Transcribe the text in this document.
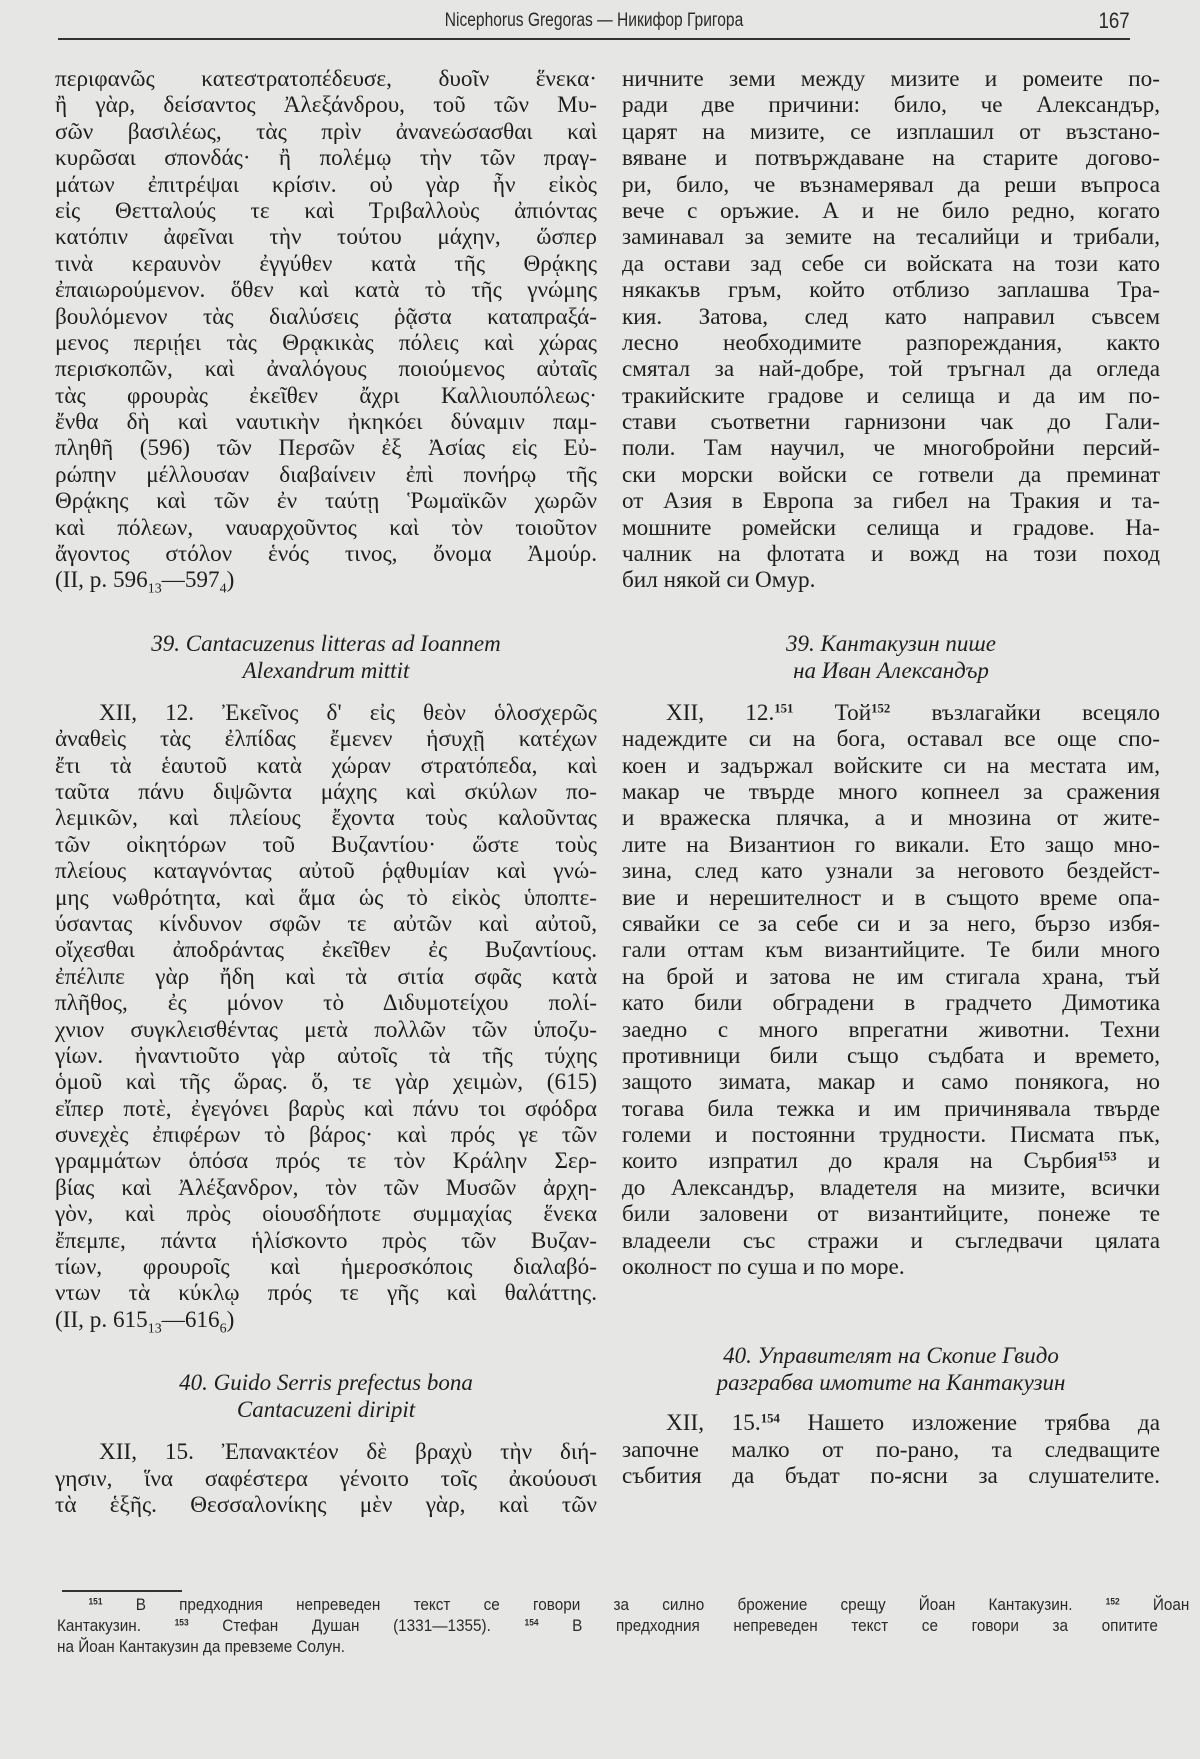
Nicephorus Gregoras — Никифор Григора	167
περιφανῶς κατεστρατοπέδευσε, δυοῖν ἕνεκα·
ἢ γὰρ, δείσαντος Ἀλεξάνδρου, τοῦ τῶν Μυ-
σῶν βασιλέως, τὰς πρὶν ἀνανεώσασθαι καὶ
κυρῶσαι σπονδάς· ἢ πολέμῳ τὴν τῶν πραγ-
μάτων ἐπιτρέψαι κρίσιν. οὐ γὰρ ἦν εἰκὸς
εἰς Θετταλούς τε καὶ Τριβαλλοὺς ἀπιόντας
κατόπιν ἀφεῖναι τὴν τούτου μάχην, ὥσπερ
τινὰ κεραυνὸν ἐγγύθεν κατὰ τῆς Θρᾴκης
ἐπαιωρούμενον. ὅθεν καὶ κατὰ τὸ τῆς γνώμης
βουλόμενον τὰς διαλύσεις ῥᾷστα καταπραξά-
μενος περιῄει τὰς Θρᾳκικὰς πόλεις καὶ χώρας
περισκοπῶν, καὶ ἀναλόγους ποιούμενος αὐταῖς
τὰς φρουρὰς ἐκεῖθεν ἄχρι Καλλιουπόλεως·
ἔνθα δὴ καὶ ναυτικὴν ἠκηκόει δύναμιν παμ-
πληθῆ (596) τῶν Περσῶν ἐξ Ἀσίας εἰς Εὐ-
ρώπην μέλλουσαν διαβαίνειν ἐπὶ πονήρῳ τῆς
Θρᾴκης καὶ τῶν ἐν ταύτῃ Ῥωμαϊκῶν χωρῶν
καὶ πόλεων, ναυαρχοῦντος καὶ τὸν τοιοῦτον
ἄγοντος στόλον ἑνός τινος, ὄνομα Ἀμούρ.
(II, p. $596_{13}—597_4$)
39. Cantacuzenus litteras ad Ioannem
Alexandrum mittit
XII, 12. Ἐκεῖνος δ' εἰς θεὸν ὁλοσχερῶς
ἀναθεὶς τὰς ἐλπίδας ἔμενεν ἡσυχῇ κατέχων
ἔτι τὰ ἑαυτοῦ κατὰ χώραν στρατόπεδα, καὶ
ταῦτα πάνυ διψῶντα μάχης καὶ σκύλων πο-
λεμικῶν, καὶ πλείους ἔχοντα τοὺς καλοῦντας
τῶν οἰκητόρων τοῦ Βυζαντίου· ὥστε τοὺς
πλείους καταγνόντας αὐτοῦ ῥᾳθυμίαν καὶ γνώ-
μης νωθρότητα, καὶ ἅμα ὡς τὸ εἰκὸς ὑποπτε-
ύσαντας κίνδυνον σφῶν τε αὐτῶν καὶ αὐτοῦ,
οἴχεσθαι ἀποδράντας ἐκεῖθεν ἐς Βυζαντίους.
ἐπέλιπε γὰρ ἤδη καὶ τὰ σιτία σφᾶς κατὰ
πλῆθος, ἐς μόνον τὸ Διδυμοτείχου πολί-
χνιον συγκλεισθέντας μετὰ πολλῶν τῶν ὑποζυ-
γίων. ἠναντιοῦτο γὰρ αὐτοῖς τὰ τῆς τύχης
ὁμοῦ καὶ τῆς ὥρας. ὅ, τε γὰρ χειμὼν, (615)
εἴπερ ποτὲ, ἐγεγόνει βαρὺς καὶ πάνυ τοι σφόδρα
συνεχὲς ἐπιφέρων τὸ βάρος· καὶ πρός γε τῶν
γραμμάτων ὁπόσα πρός τε τὸν Κράλην Σερ-
βίας καὶ Ἀλέξανδρον, τὸν τῶν Μυσῶν ἀρχη-
γὸν, καὶ πρὸς οἱουσδήποτε συμμαχίας ἕνεκα
ἔπεμπε, πάντα ἡλίσκοντο πρὸς τῶν Βυζαν-
τίων, φρουροῖς καὶ ἡμεροσκόποις διαλαβό-
ντων τὰ κύκλῳ πρός τε γῆς καὶ θαλάττης.
(II, p. $615_{13}—616_6$)
40. Guido Serris prefectus bona
Cantacuzeni diripit
XII, 15. Ἐπανακτέον δὲ βραχὺ τὴν διή-
γησιν, ἵνα σαφέστερα γένοιτο τοῖς ἀκούουσι
τὰ ἑξῆς. Θεσσαλονίκης μὲν γὰρ, καὶ τῶν
ничните земи между мизите и ромеите по-
ради две причини: било, че Александър,
царят на мизите, се изплашил от възстано-
вяване и потвърждаване на старите догово-
ри, било, че възнамерявал да реши въпроса
вече с оръжие. А и не било редно, когато
заминавал за земите на тесалийци и трибали,
да остави зад себе си войската на този като
някакъв гръм, който отблизо заплашва Тра-
кия. Затова, след като направил съвсем
лесно необходимите разпореждания, както
смятал за най-добре, той тръгнал да огледа
тракийските градове и селища и да им по-
стави съответни гарнизони чак до Гали-
поли. Там научил, че многобройни персий-
ски морски войски се готвели да преминат
от Азия в Европа за гибел на Тракия и та-
мошните ромейски селища и градове. На-
чалник на флотата и вожд на този поход
бил някой си Омур.
39. Кантакузин пише
на Иван Александър
XII, 12.$^{151}$ Той$^{152}$ възлагайки всецяло
надеждите си на бога, оставал все още спо-
коен и задържал войските си на местата им,
макар че твърде много копнеел за сражения
и вражеска плячка, а и мнозина от жите-
лите на Византион го викали. Ето защо мно-
зина, след като узнали за неговото бездейст-
вие и нерешителност и в същото време опа-
сявайки се за себе си и за него, бързо избя-
гали оттам към византийците. Те били много
на брой и затова не им стигала храна, тъй
като били обградени в градчето Димотика
заедно с много впрегатни животни. Техни
противници били също съдбата и времето,
защото зимата, макар и само понякога, но
тогава била тежка и им причинявала твърде
големи и постоянни трудности. Писмата пък,
които изпратил до краля на Сърбия$^{153}$ и
до Александър, владетеля на мизите, всички
били заловени от византийците, понеже те
владеели със стражи и съгледвачи цялата
околност по суша и по море.
40. Управителят на Скопие Гвидо
разграбва имотите на Кантакузин
XII, 15.$^{154}$ Нашето изложение трябва да
започне малко от по-рано, та следващите
събития да бъдат по-ясни за слушателите.
$^{151}$ В предходния непреведен текст се говори за силно брожение срещу Йоан Кантакузин.	$^{152}$ Йоан
Кантакузин. $^{153}$ Стефан Душан (1331—1355). $^{154}$ В предходния непреведен текст се говори за опитите
на Йоан Кантакузин да превземе Солун.
